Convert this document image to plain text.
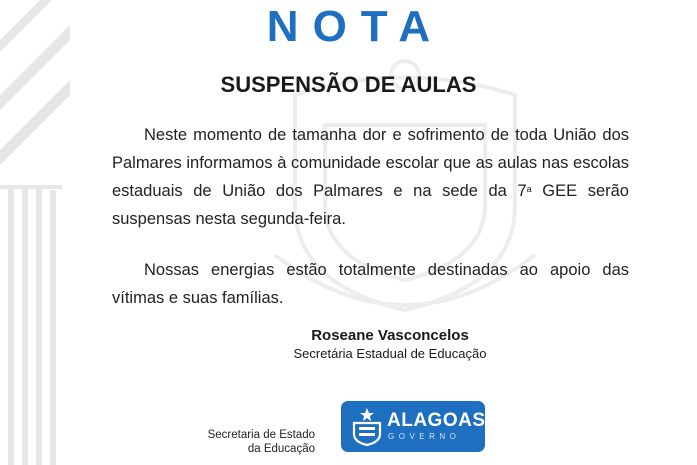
NOTA
SUSPENSÃO DE AULAS

Neste momento de tamanha dor e sofrimento de toda União dos Palmares informamos à comunidade escolar que as aulas nas escolas estaduais de União dos Palmares e na sede da 7$^a$ GEE serão suspensas nesta segunda-feira.

Nossas energias estão totalmente destinadas ao apoio das vítimas e suas famílias.

Roseane Vasconcelos
Secretária Estadual de Educação
Secretaria de Estado
da Educação
ALAGOAS
GOVERNO
